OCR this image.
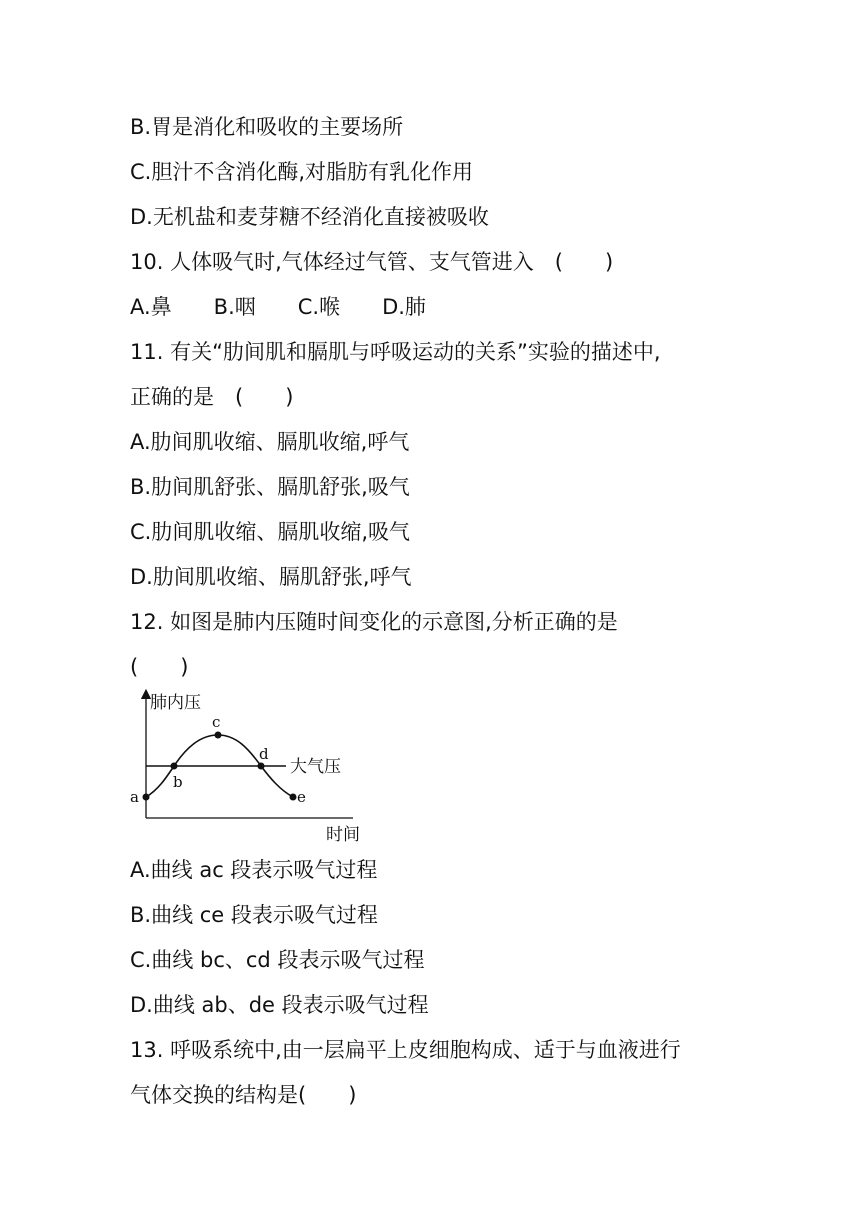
B.胃是消化和吸收的主要场所
C.胆汁不含消化酶,对脂肪有乳化作用
D.无机盐和麦芽糖不经消化直接被吸收
10. 人体吸气时,气体经过气管、支气管进入　(　　)
A.鼻　　B.咽　　C.喉　　D.肺
11. 有关“肋间肌和膈肌与呼吸运动的关系”实验的描述中,
正确的是　(　　)
A.肋间肌收缩、膈肌收缩,呼气
B.肋间肌舒张、膈肌舒张,吸气
C.肋间肌收缩、膈肌收缩,吸气
D.肋间肌收缩、膈肌舒张,呼气
12. 如图是肺内压随时间变化的示意图,分析正确的是
(　　)
肺内压
时间
大气压
a
b
c
d
e
A.曲线 ac 段表示吸气过程
B.曲线 ce 段表示吸气过程
C.曲线 bc、cd 段表示吸气过程
D.曲线 ab、de 段表示吸气过程
13. 呼吸系统中,由一层扁平上皮细胞构成、适于与血液进行
气体交换的结构是(　　)
